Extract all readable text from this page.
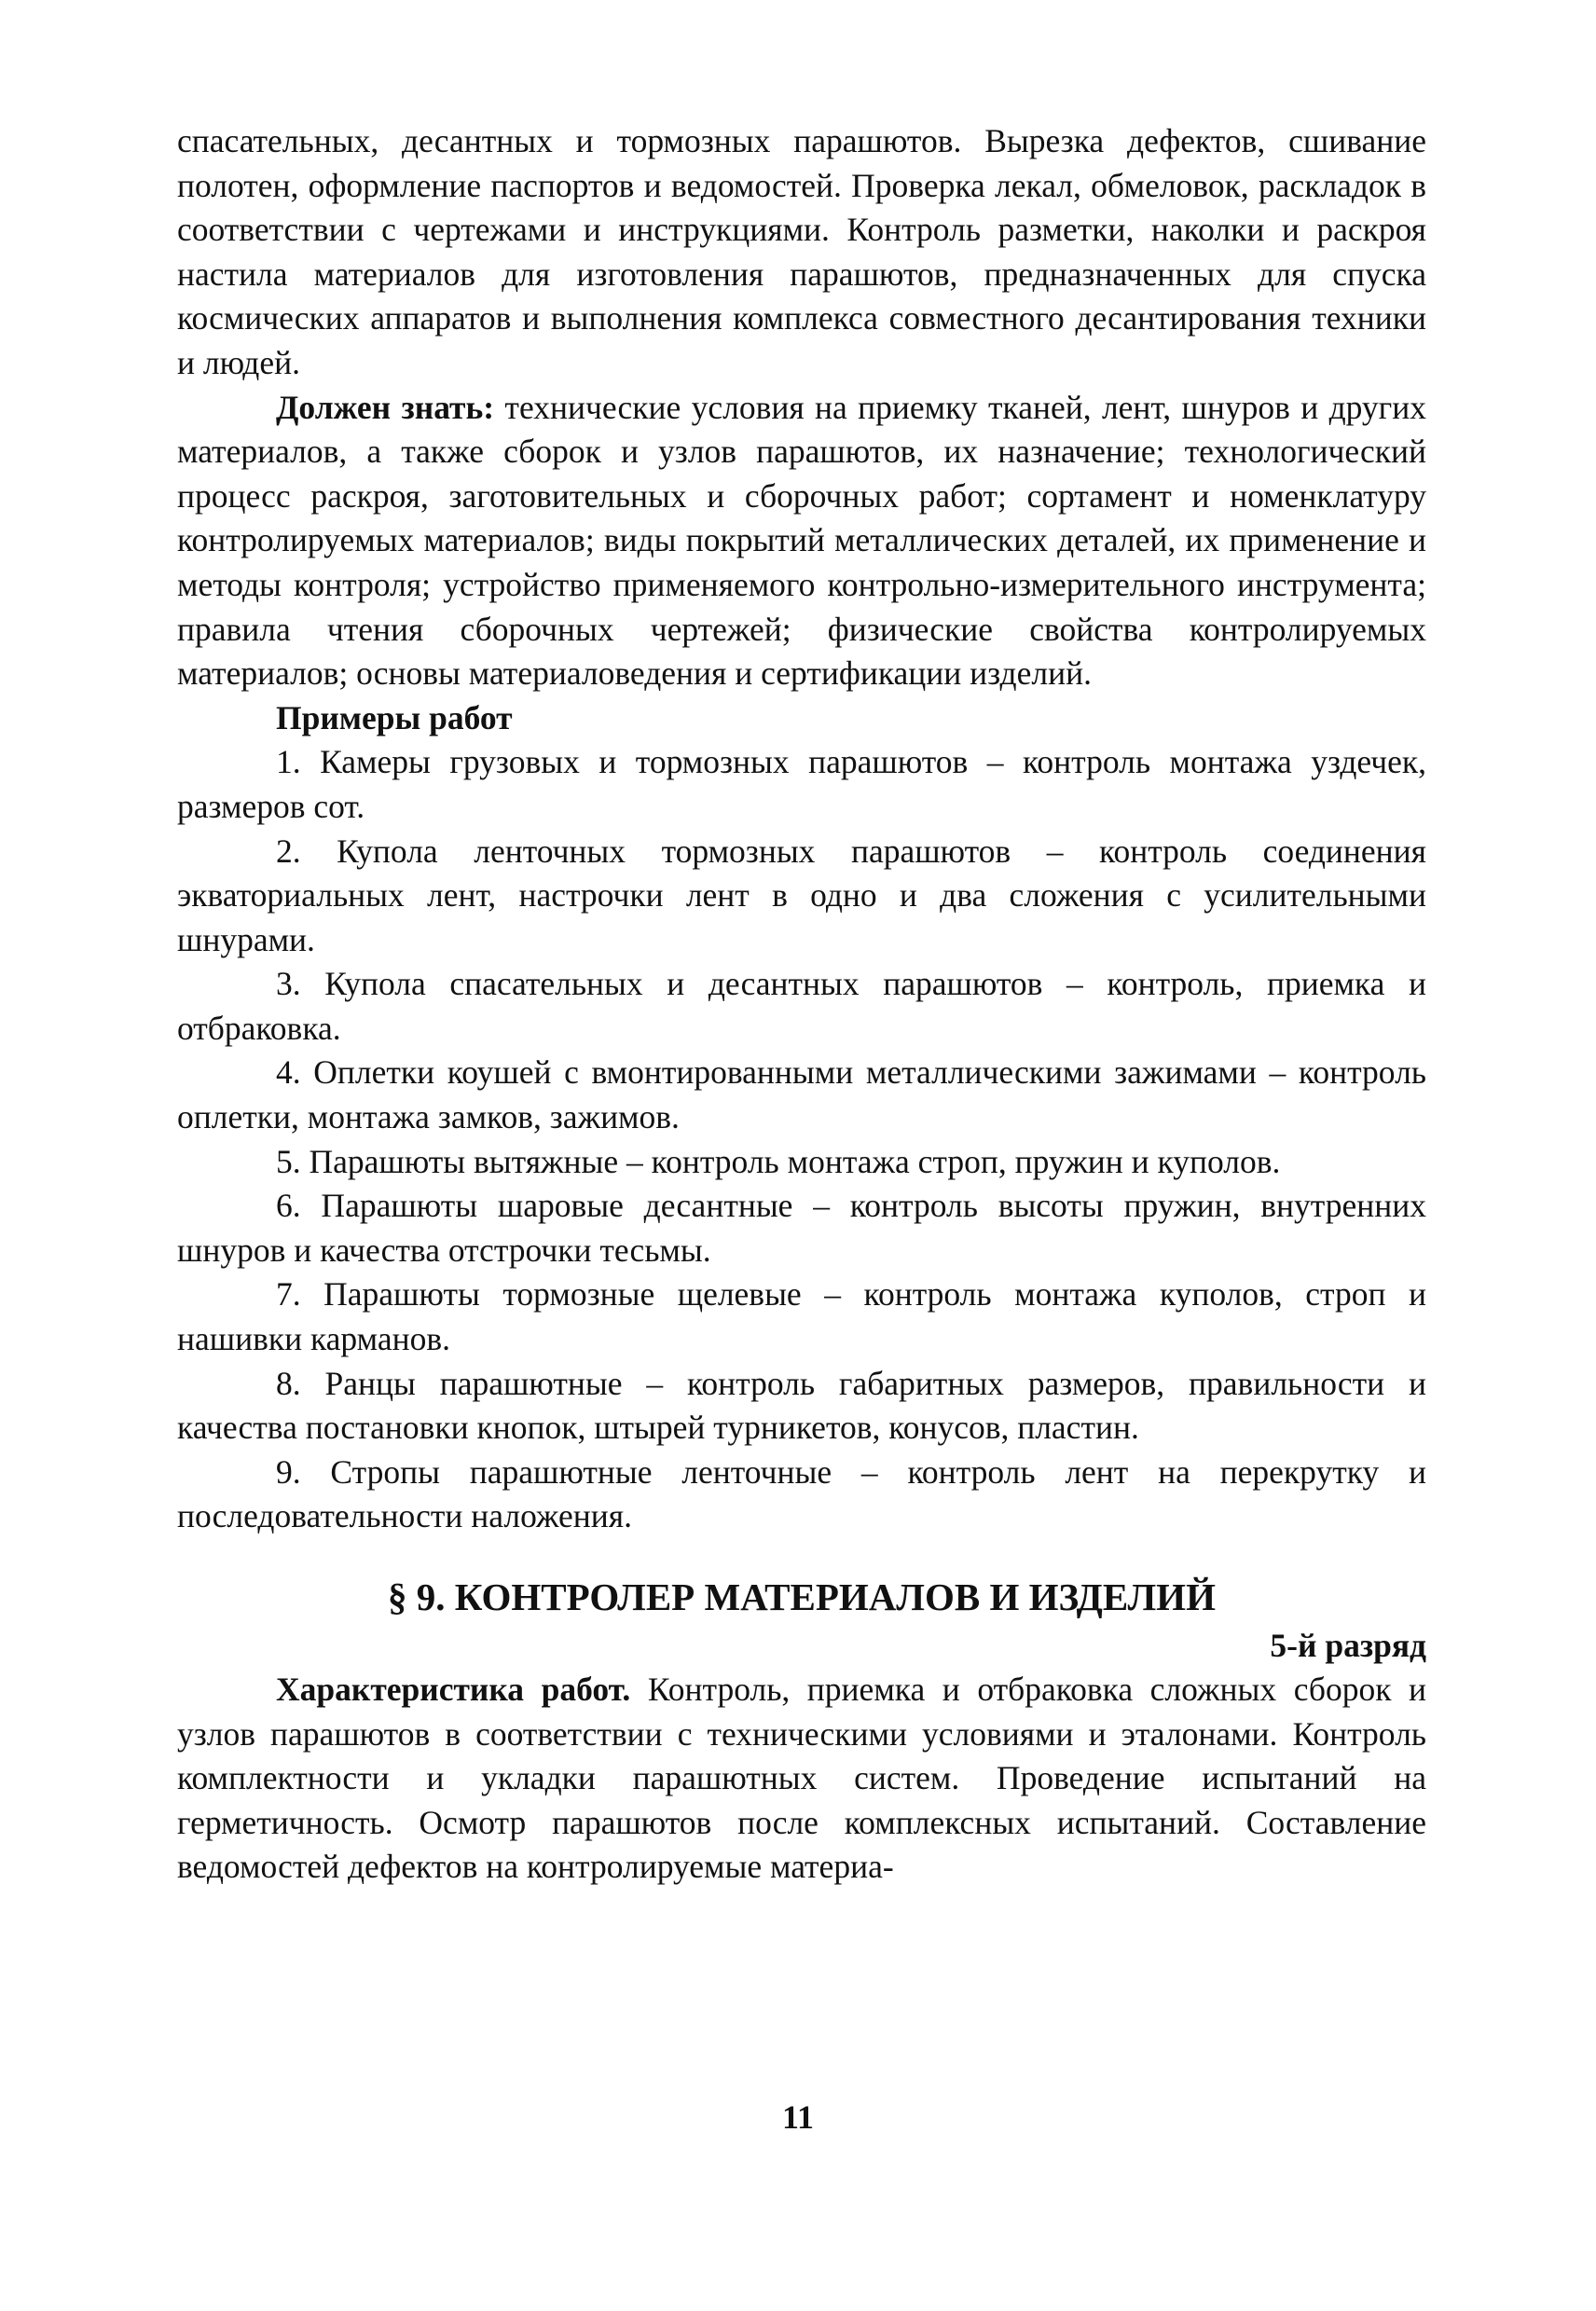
спасательных, десантных и тормозных парашютов. Вырезка дефектов, сшивание полотен, оформление паспортов и ведомостей. Проверка лекал, обмеловок, раскладок в соответствии с чертежами и инструкциями. Контроль разметки, наколки и раскроя настила материалов для изготовления парашютов, предназначенных для спуска космических аппаратов и выполнения комплекса совместного десантирования техники и людей.

Должен знать: технические условия на приемку тканей, лент, шнуров и других материалов, а также сборок и узлов парашютов, их назначение; технологический процесс раскроя, заготовительных и сборочных работ; сортамент и номенклатуру контролируемых материалов; виды покрытий металлических деталей, их применение и методы контроля; устройство применяемого контрольно-измерительного инструмента; правила чтения сборочных чертежей; физические свойства контролируемых материалов; основы материаловедения и сертификации изделий.

Примеры работ

1. Камеры грузовых и тормозных парашютов – контроль монтажа уздечек, размеров сот.

2. Купола ленточных тормозных парашютов – контроль соединения экваториальных лент, настрочки лент в одно и два сложения с усилительными шнурами.

3. Купола спасательных и десантных парашютов – контроль, приемка и отбраковка.

4. Оплетки коушей с вмонтированными металлическими зажимами – контроль оплетки, монтажа замков, зажимов.

5. Парашюты вытяжные – контроль монтажа строп, пружин и куполов.

6. Парашюты шаровые десантные – контроль высоты пружин, внутренних шнуров и качества отстрочки тесьмы.

7. Парашюты тормозные щелевые – контроль монтажа куполов, строп и нашивки карманов.

8. Ранцы парашютные – контроль габаритных размеров, правильности и качества постановки кнопок, штырей турникетов, конусов, пластин.

9. Стропы парашютные ленточные – контроль лент на перекрутку и последовательности наложения.

§ 9. КОНТРОЛЕР МАТЕРИАЛОВ И ИЗДЕЛИЙ

5-й разряд

Характеристика работ. Контроль, приемка и отбраковка сложных сборок и узлов парашютов в соответствии с техническими условиями и эталонами. Контроль комплектности и укладки парашютных систем. Проведение испытаний на герметичность. Осмотр парашютов после комплексных испытаний. Составление ведомостей дефектов на контролируемые материа-

11
